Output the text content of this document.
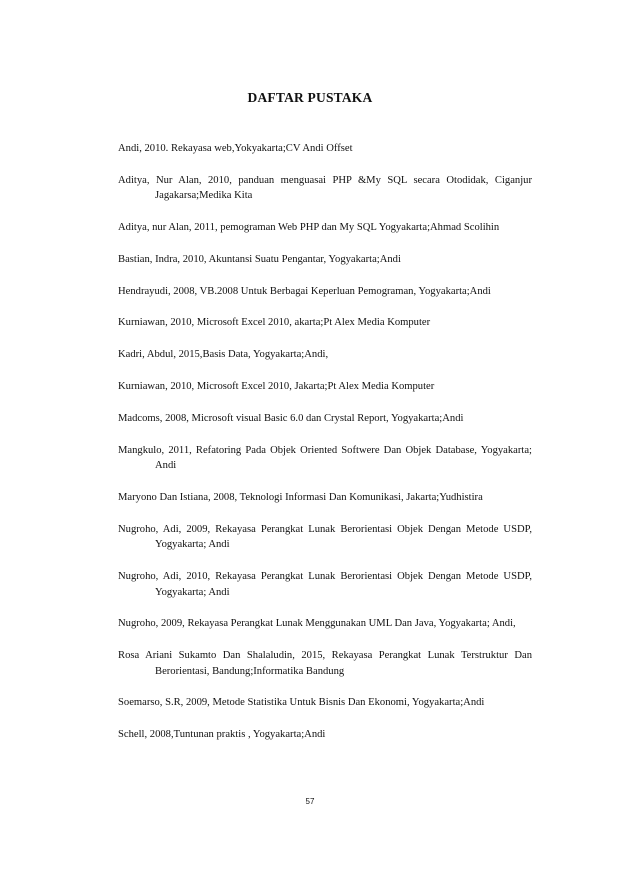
DAFTAR PUSTAKA
Andi, 2010. Rekayasa web,Yokyakarta;CV Andi Offset
Aditya, Nur Alan, 2010, panduan menguasai PHP &My SQL secara Otodidak, Ciganjur Jagakarsa;Medika Kita
Aditya, nur Alan, 2011, pemograman Web PHP dan My SQL Yogyakarta;Ahmad Scolihin
Bastian, Indra, 2010, Akuntansi Suatu Pengantar, Yogyakarta;Andi
Hendrayudi, 2008, VB.2008 Untuk Berbagai Keperluan Pemograman, Yogyakarta;Andi
Kurniawan, 2010, Microsoft Excel 2010, akarta;Pt Alex Media Komputer
Kadri, Abdul, 2015,Basis Data, Yogyakarta;Andi,
Kurniawan, 2010, Microsoft Excel 2010, Jakarta;Pt Alex Media Komputer
Madcoms, 2008, Microsoft visual Basic 6.0 dan Crystal Report, Yogyakarta;Andi
Mangkulo, 2011, Refatoring Pada Objek Oriented Softwere Dan Objek Database, Yogyakarta; Andi
Maryono Dan Istiana, 2008, Teknologi Informasi Dan Komunikasi, Jakarta;Yudhistira
Nugroho, Adi, 2009, Rekayasa Perangkat Lunak Berorientasi Objek Dengan Metode USDP, Yogyakarta; Andi
Nugroho, Adi, 2010, Rekayasa Perangkat Lunak Berorientasi Objek Dengan Metode USDP, Yogyakarta; Andi
Nugroho, 2009, Rekayasa Perangkat Lunak Menggunakan UML Dan Java, Yogyakarta; Andi,
Rosa Ariani Sukamto Dan Shalaludin, 2015, Rekayasa Perangkat Lunak Terstruktur Dan Berorientasi, Bandung;Informatika Bandung
Soemarso, S.R, 2009, Metode Statistika Untuk Bisnis Dan Ekonomi, Yogyakarta;Andi
Schell, 2008,Tuntunan praktis , Yogyakarta;Andi
57
